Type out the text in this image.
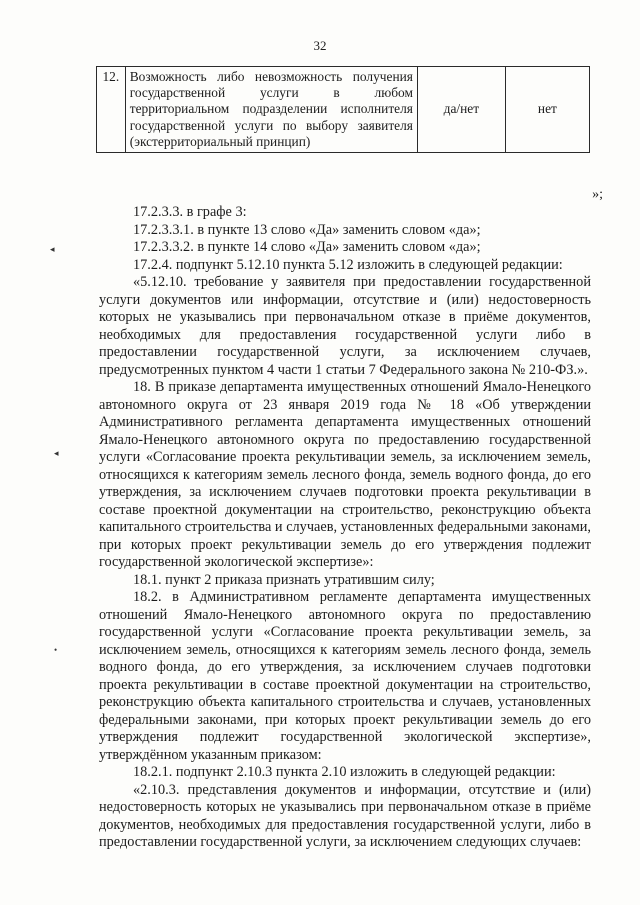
32
12.	Возможность либо невозможность получения государственной услуги в любом территориальном подразделении исполнителя государственной услуги по выбору заявителя (экстерриториальный принцип)	да/нет	нет
»;
◂
◂
•

17.2.3.3. в графе 3:

17.2.3.3.1. в пункте 13 слово «Да» заменить словом «да»;

17.2.3.3.2. в пункте 14 слово «Да» заменить словом «да»;

17.2.4. подпункт 5.12.10 пункта 5.12 изложить в следующей редакции:

«5.12.10. требование у заявителя при предоставлении государственной услуги документов или информации, отсутствие и (или) недостоверность которых не указывались при первоначальном отказе в приёме документов, необходимых для предоставления государственной услуги либо в предоставлении государственной услуги, за исключением случаев, предусмотренных пунктом 4 части 1 статьи 7 Федерального закона № 210-ФЗ.».

18. В приказе департамента имущественных отношений Ямало-Ненецкого автономного округа от 23 января 2019 года № 18 «Об утверждении Административного регламента департамента имущественных отношений Ямало-Ненецкого автономного округа по предоставлению государственной услуги «Согласование проекта рекультивации земель, за исключением земель, относящихся к категориям земель лесного фонда, земель водного фонда, до его утверждения, за исключением случаев подготовки проекта рекультивации в составе проектной документации на строительство, реконструкцию объекта капитального строительства и случаев, установленных федеральными законами, при которых проект рекультивации земель до его утверждения подлежит государственной экологической экспертизе»:

18.1. пункт 2 приказа признать утратившим силу;

18.2. в Административном регламенте департамента имущественных отношений Ямало-Ненецкого автономного округа по предоставлению государственной услуги «Согласование проекта рекультивации земель, за исключением земель, относящихся к категориям земель лесного фонда, земель водного фонда, до его утверждения, за исключением случаев подготовки проекта рекультивации в составе проектной документации на строительство, реконструкцию объекта капитального строительства и случаев, установленных федеральными законами, при которых проект рекультивации земель до его утверждения подлежит государственной экологической экспертизе», утверждённом указанным приказом:

18.2.1. подпункт 2.10.3 пункта 2.10 изложить в следующей редакции:

«2.10.3. представления документов и информации, отсутствие и (или) недостоверность которых не указывались при первоначальном отказе в приёме документов, необходимых для предоставления государственной услуги, либо в предоставлении государственной услуги, за исключением следующих случаев:
